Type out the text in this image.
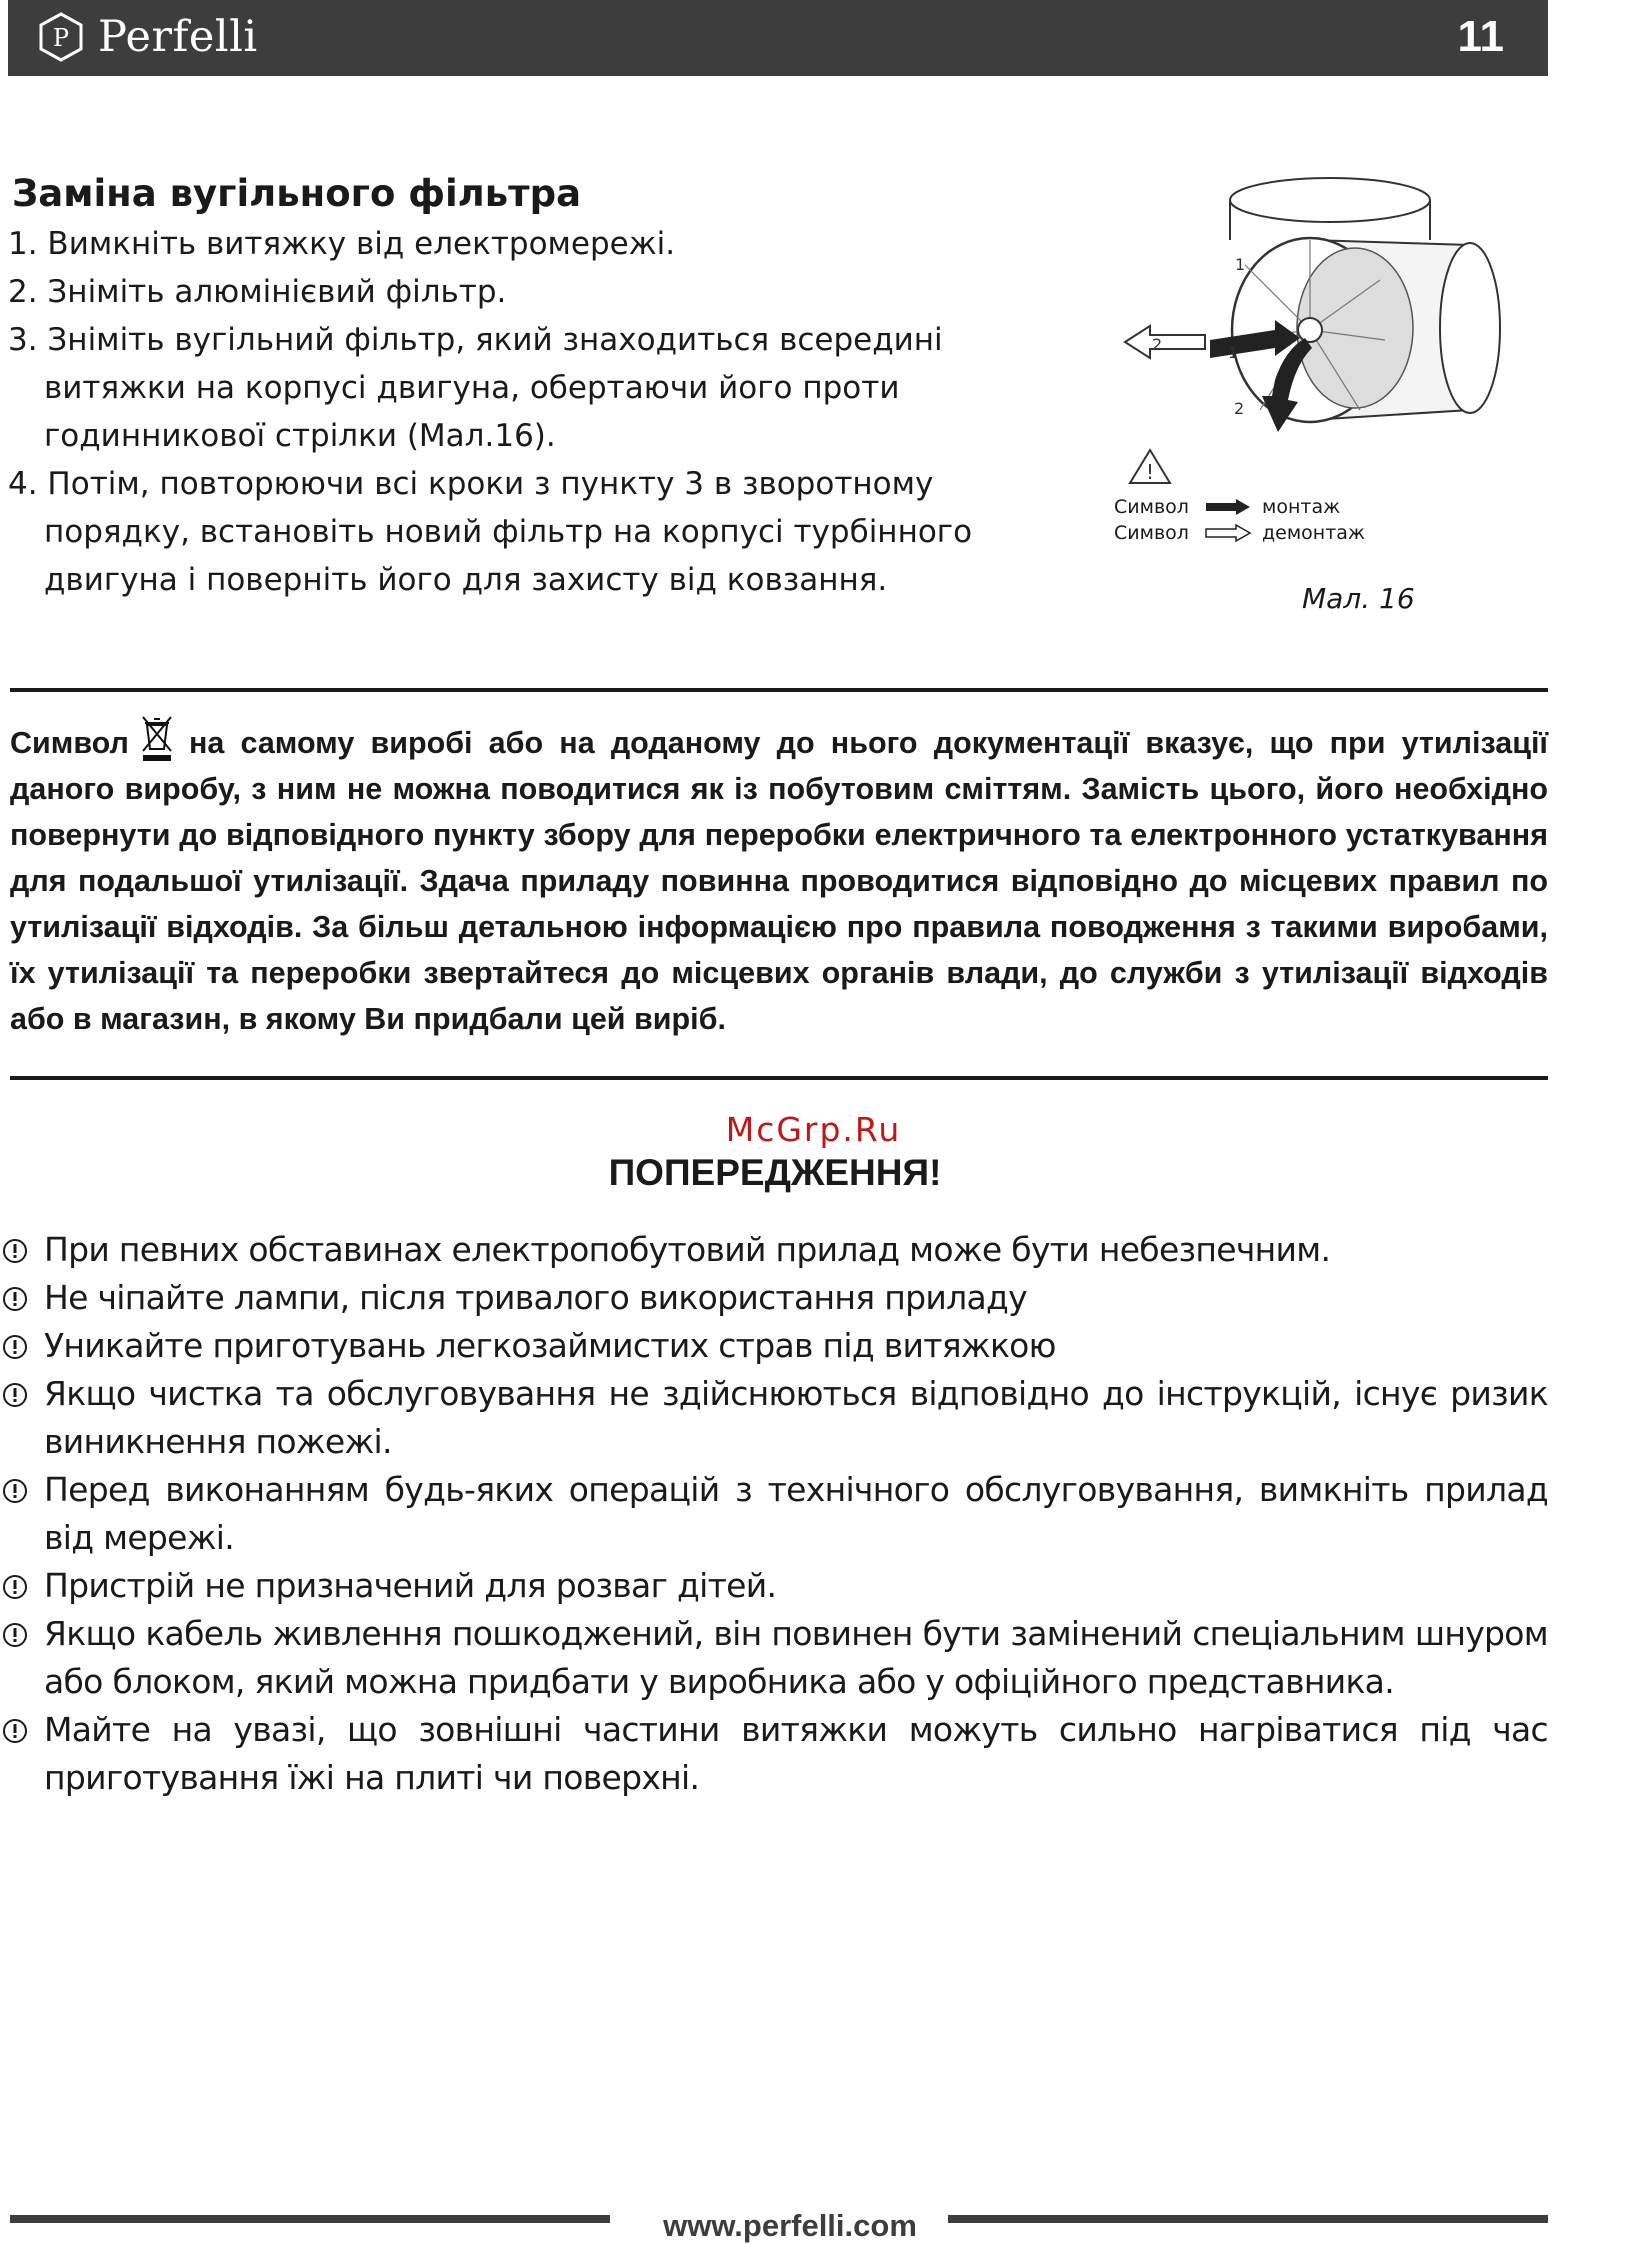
P Perfelli	11
Заміна вугільного фільтра
1. Вимкніть витяжку від електромережі.
2. Зніміть алюмінієвий фільтр.
3. Зніміть вугільний фільтр, який знаходиться всередині витяжки на корпусі двигуна, обертаючи його проти годинникової стрілки (Мал.16).
4. Потім, повторюючи всі кроки з пункту 3 в зворотному порядку, встановіть новий фільтр на корпусі турбінного двигуна і поверніть його для захисту від ковзання.
1
2	1
2
!
Символ	монтаж
Символ	демонтаж
Мал. 16

Символ на самому виробі або на доданому до нього документації вказує, що при утилізації даного виробу, з ним не можна поводитися як із побутовим сміттям. Замість цього, його необхідно повернути до відповідного пункту збору для переробки електричного та електронного устаткування для подальшої утилізації. Здача приладу повинна проводитися відповідно до місцевих правил по утилізації відходів. За більш детальною інформацією про правила поводження з такими виробами, їх утилізації та переробки звертайтеся до місцевих органів влади, до служби з утилізації відходів або в магазин, в якому Ви придбали цей виріб.

McGrp.Ru
ПОПЕРЕДЖЕННЯ!
При певних обставинах електропобутовий прилад може бути небезпечним.
Не чіпайте лампи, після тривалого використання приладу
Уникайте приготувань легкозаймистих страв під витяжкою
Якщо чистка та обслуговування не здійснюються відповідно до інструкцій, існує ризик виникнення пожежі.
Перед виконанням будь-яких операцій з технічного обслуговування, вимкніть прилад від мережі.
Пристрій не призначений для розваг дітей.
Якщо кабель живлення пошкоджений, він повинен бути замінений спеціальним шнуром або блоком, який можна придбати у виробника або у офіційного представника.
Майте на увазі, що зовнішні частини витяжки можуть сильно нагріватися під час приготування їжі на плиті чи поверхні.
www.perfelli.com
